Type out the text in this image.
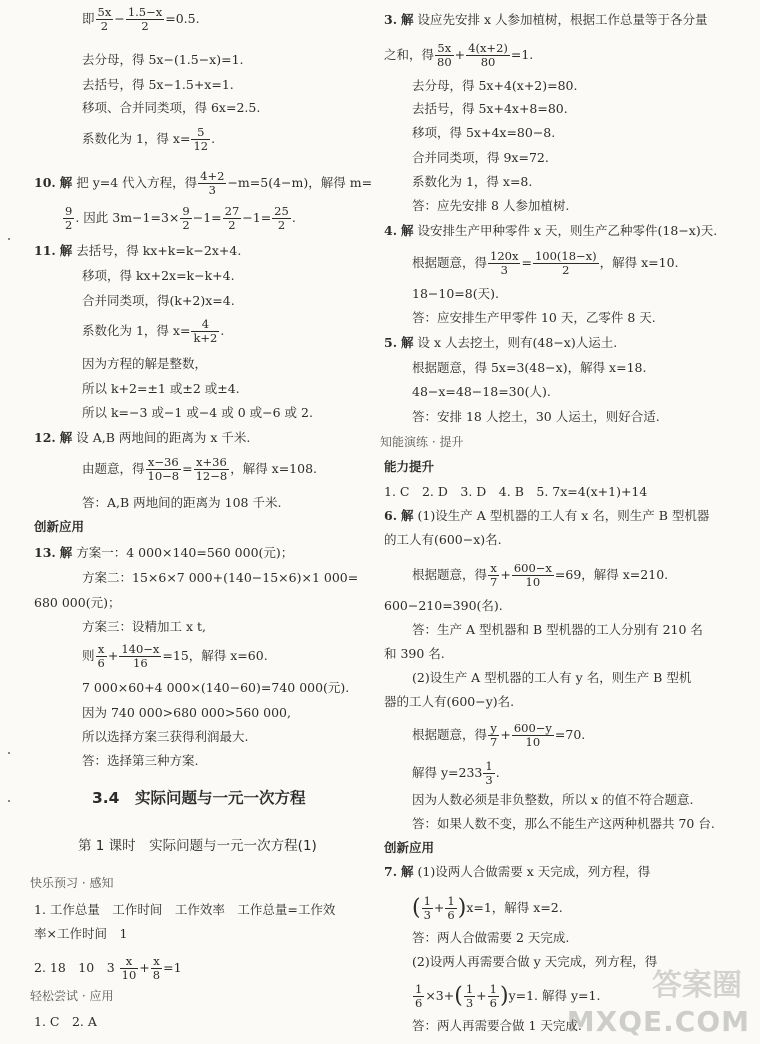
即 $\frac{5x}{2} - \frac{1.5-x}{2} =0.5$.
去分母，得 5x−(1.5−x)=1.
去括号，得 5x−1.5+x=1.
移项、合并同类项，得 6x=2.5.
系数化为 1，得 $x= \frac{5}{12}$ .
10. 解 把 y=4 代入方程，得 $\frac{4+2}{3} -m=5(4-m)$，解得 m=
$\frac{9}{2}$ . 因此 $3m-1=3\times \frac{9}{2} -1= \frac{27}{2} -1= \frac{25}{2}$ .
11. 解 去括号，得 kx+k=k−2x+4.
移项，得 kx+2x=k−k+4.
合并同类项，得(k+2)x=4.
系数化为 1，得 $x= \frac{4}{k+2}$ .
因为方程的解是整数，
所以 k+2=±1 或±2 或±4.
所以 k=−3 或−1 或−4 或 0 或−6 或 2.
12. 解 设 A,B 两地间的距离为 x 千米.
由题意，得 $\frac{x-36}{10-8} = \frac{x+36}{12-8}$ ，解得 x=108.
答：A,B 两地间的距离为 108 千米.
创新应用
13. 解 方案一：4 000×140=560 000(元)；
方案二：15×6×7 000+(140−15×6)×1 000=
680 000(元)；
方案三：设精加工 x t,
则 $\frac{x}{6} + \frac{140-x}{16} =15$，解得 x=60.
7 000×60+4 000×(140−60)=740 000(元).
因为 740 000>680 000>560 000,
所以选择方案三获得利润最大.
答：选择第三种方案.
3.4　实际问题与一元一次方程
第 1 课时　实际问题与一元一次方程(1)
快乐预习 · 感知
1. 工作总量　工作时间　工作效率　工作总量=工作效
率×工作时间　1
2. 18　10　$3 \frac{x}{10} + \frac{x}{8} =1$
轻松尝试 · 应用
1. C　2. A
3. 解 设应先安排 x 人参加植树，根据工作总量等于各分量
之和，得 $\frac{5x}{80} + \frac{4(x+2)}{80} =1$.
去分母，得 5x+4(x+2)=80.
去括号，得 5x+4x+8=80.
移项，得 5x+4x=80−8.
合并同类项，得 9x=72.
系数化为 1，得 x=8.
答：应先安排 8 人参加植树.
4. 解 设安排生产甲种零件 x 天，则生产乙种零件(18−x)天.
根据题意，得 $\frac{120x}{3} = \frac{100(18-x)}{2}$ ，解得 x=10.
18−10=8(天).
答：应安排生产甲零件 10 天，乙零件 8 天.
5. 解 设 x 人去挖土，则有(48−x)人运土.
根据题意，得 5x=3(48−x)，解得 x=18.
48−x=48−18=30(人).
答：安排 18 人挖土，30 人运土，则好合适.
知能演练 · 提升
能力提升
1. C　2. D　3. D　4. B　5. 7x=4(x+1)+14
6. 解 (1)设生产 A 型机器的工人有 x 名，则生产 B 型机器
的工人有(600−x)名.
根据题意，得 $\frac{x}{7} + \frac{600-x}{10} =69$，解得 x=210.
600−210=390(名).
答：生产 A 型机器和 B 型机器的工人分别有 210 名
和 390 名.
(2)设生产 A 型机器的工人有 y 名，则生产 B 型机
器的工人有(600−y)名.
根据题意，得 $\frac{y}{7} + \frac{600-y}{10} =70$.
解得 $y=233 \frac{1}{3}$ .
因为人数必须是非负整数，所以 x 的值不符合题意.
答：如果人数不变，那么不能生产这两种机器共 70 台.
创新应用
7. 解 (1)设两人合做需要 x 天完成，列方程，得
( $\frac{1}{3} + \frac{1}{6} )x=1$，解得 x=2.
答：两人合做需要 2 天完成.
(2)设两人再需要合做 y 天完成，列方程，得
$\frac{1}{6} \times 3+( \frac{1}{3} + \frac{1}{6} )y=1$. 解得 y=1.
答：两人再需要合做 1 天完成.
答案圈
MXQE.COM
